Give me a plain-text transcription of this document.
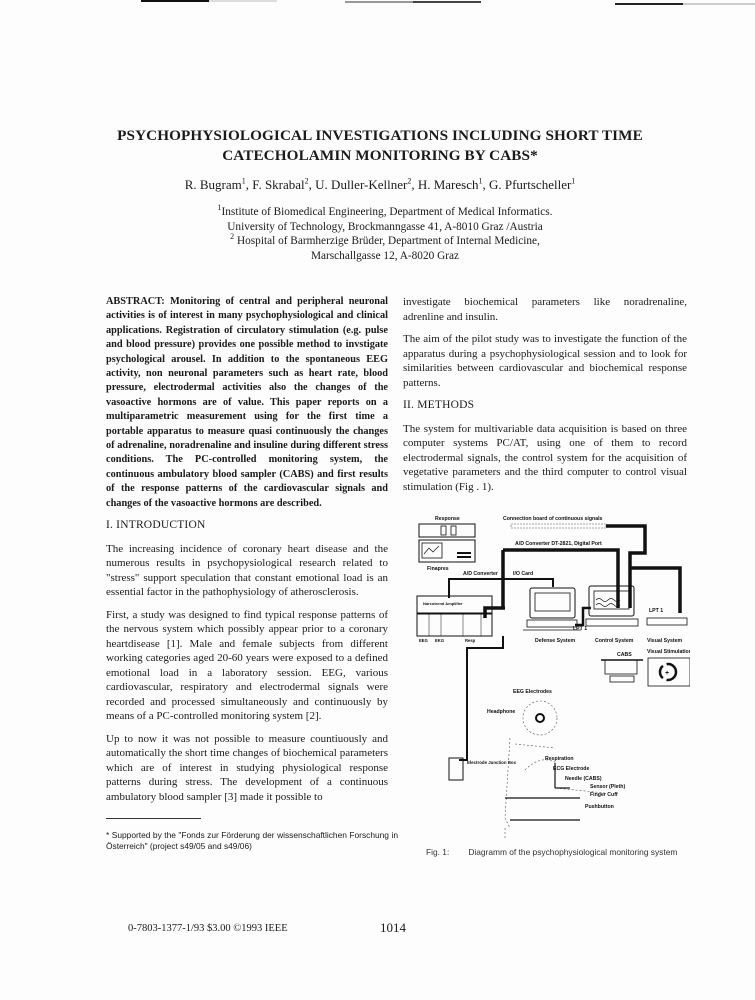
PSYCHOPHYSIOLOGICAL INVESTIGATIONS INCLUDING SHORT TIME
CATECHOLAMIN MONITORING BY CABS*
R. Bugram$^1$, F. Skrabal$^2$, U. Duller-Kellner$^2$, H. Maresch$^1$, G. Pfurtscheller$^1$
$^1$Institute of Biomedical Engineering, Department of Medical Informatics.
University of Technology, Brockmanngasse 41, A-8010 Graz /Austria
$^2$ Hospital of Barmherzige Brüder, Department of Internal Medicine,
Marschallgasse 12, A-8020 Graz
ABSTRACT: Monitoring of central and peripheral neuronal activities is of interest in many psychophysiological and clinical applications. Registration of circulatory stimulation (e.g. pulse and blood pressure) provides one possible method to invstigate psychological arousel. In addition to the spontaneous EEG activity, non neuronal parameters such as heart rate, blood pressure, electrodermal activities also the changes of the vasoactive hormons are of value. This paper reports on a multiparametric measurement using for the first time a portable apparatus to measure quasi continuously the changes of adrenaline, noradrenaline and insuline during different stress conditions. The PC-controlled monitoring system, the continuous ambulatory blood sampler (CABS) and first results of the response patterns of the cardiovascular signals and changes of the vasoactive hormons are described.
I. INTRODUCTION

The increasing incidence of coronary heart disease and the numerous results in psychopysiological research related to "stress" support speculation that constant emotional load is an essential factor in the pathophysiology of atherosclerosis.

First, a study was designed to find typical response patterns of the nervous system which possibly appear prior to a coronary heartdisease [1]. Male and female subjects from different working categories aged 20-60 years were exposed to a defined emotional load in a laboratory session. EEG, various cardiovascular, respiratory and electrodermal signals were recorded and processed simultaneously and continuously by means of a PC-controlled monitoring system [2].

Up to now it was not possible to measure countiuously and automatically the short time changes of biochemical parameters which are of interest in studying physiological response patterns during stress. The development of a continuous ambulatory blood sampler [3] made it possible to

investigate biochemical parameters like noradrenaline, adrenline and insulin.

The aim of the pilot study was to investigate the function of the apparatus during a psychophysiological session and to look for similarities between cardiovascular and biochemical response patterns.

II. METHODS

The system for multivariable data acquisition is based on three computer systems PC/AT, using one of them to record electrodermal signals, the control system for the acquisition of vegetative parameters and the third computer to control visual stimulation (Fig . 1).

Response
Finapres
Connection board of continuous signals
A/D Converter DT-2821, Digital Port
A/D Converter	I/O Card
Narcotrend Amplifier
EEG EKG	Resp	Defense System
LPT 1
Control System
LPT 1
Visual System
Visual Stimulation
+
CABS
EEG Electrodes
Headphone
Electrode Junction Box
Respiration
ECG Electrode
Needle (CABS)
Sensor (Pleth)
Finger Cuff
Pushbutton
Fig. 1: Diagramm of the psychophysiological monitoring system
* Supported by the "Fonds zur Förderung der wissenschaftlichen Forschung in Österreich" (project s49/05 and s49/06)
0-7803-1377-1/93 $3.00 ©1993 IEEE	1014
